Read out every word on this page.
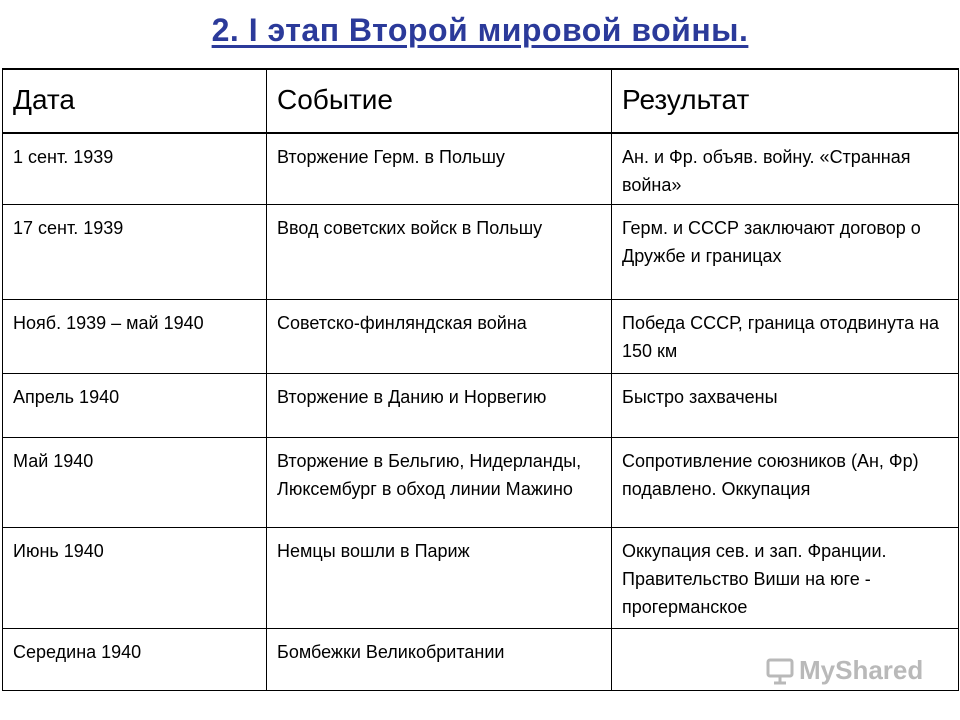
2. I этап Второй мировой войны.
Дата	Событие	Результат
1 сент. 1939	Вторжение Герм. в Польшу	Ан. и Фр. объяв. войну. «Странная война»
17 сент. 1939	Ввод советских войск в Польшу	Герм. и СССР заключают договор о Дружбе и границах
Нояб. 1939 – май 1940	Советско-финляндская война	Победа СССР, граница отодвинута на 150 км
Апрель 1940	Вторжение в Данию и Норвегию	Быстро захвачены
Май 1940	Вторжение в Бельгию, Нидерланды, Люксембург в обход линии Мажино	Сопротивление союзников (Ан, Фр) подавлено. Оккупация
Июнь 1940	Немцы вошли в Париж	Оккупация сев. и зап. Франции. Правительство Виши на юге - прогерманское
Середина 1940	Бомбежки Великобритании	
MyShared
